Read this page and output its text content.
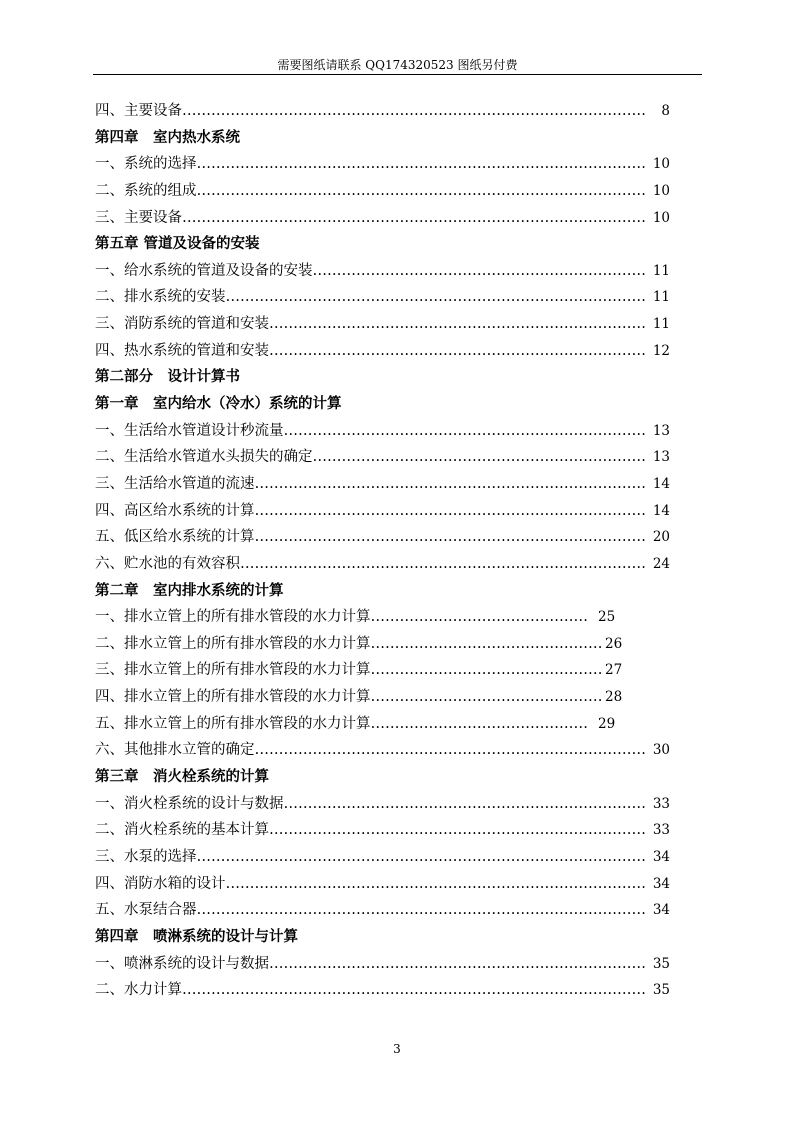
需要图纸请联系 QQ174320523 图纸另付费
四、主要设备…………………………………………………………………………………… 8
第四章　室内热水系统
一、系统的选择………………………………………………………………………………… 10
二、系统的组成………………………………………………………………………………… 10
三、主要设备…………………………………………………………………………………… 10
第五章 管道及设备的安装
一、给水系统的管道及设备的安装…………………………………………………………… 11
二、排水系统的安装…………………………………………………………………………… 11
三、消防系统的管道和安装…………………………………………………………………… 11
四、热水系统的管道和安装…………………………………………………………………… 12
第二部分　设计计算书
第一章　室内给水（冷水）系统的计算
一、生活给水管道设计秒流量………………………………………………………………… 13
二、生活给水管道水头损失的确定…………………………………………………………… 13
三、生活给水管道的流速……………………………………………………………………… 14
四、高区给水系统的计算……………………………………………………………………… 14
五、低区给水系统的计算……………………………………………………………………… 20
六、贮水池的有效容积………………………………………………………………………… 24
第二章　室内排水系统的计算
一、排水立管上的所有排水管段的水力计算……………………………………… 25
二、排水立管上的所有排水管段的水力计算………………………………………… 26
三、排水立管上的所有排水管段的水力计算………………………………………… 27
四、排水立管上的所有排水管段的水力计算………………………………………… 28
五、排水立管上的所有排水管段的水力计算……………………………………… 29
六、其他排水立管的确定……………………………………………………………………… 30
第三章　消火栓系统的计算
一、消火栓系统的设计与数据………………………………………………………………… 33
二、消火栓系统的基本计算…………………………………………………………………… 33
三、水泵的选择………………………………………………………………………………… 34
四、消防水箱的设计…………………………………………………………………………… 34
五、水泵结合器………………………………………………………………………………… 34
第四章　喷淋系统的设计与计算
一、喷淋系统的设计与数据…………………………………………………………………… 35
二、水力计算…………………………………………………………………………………… 35
3
